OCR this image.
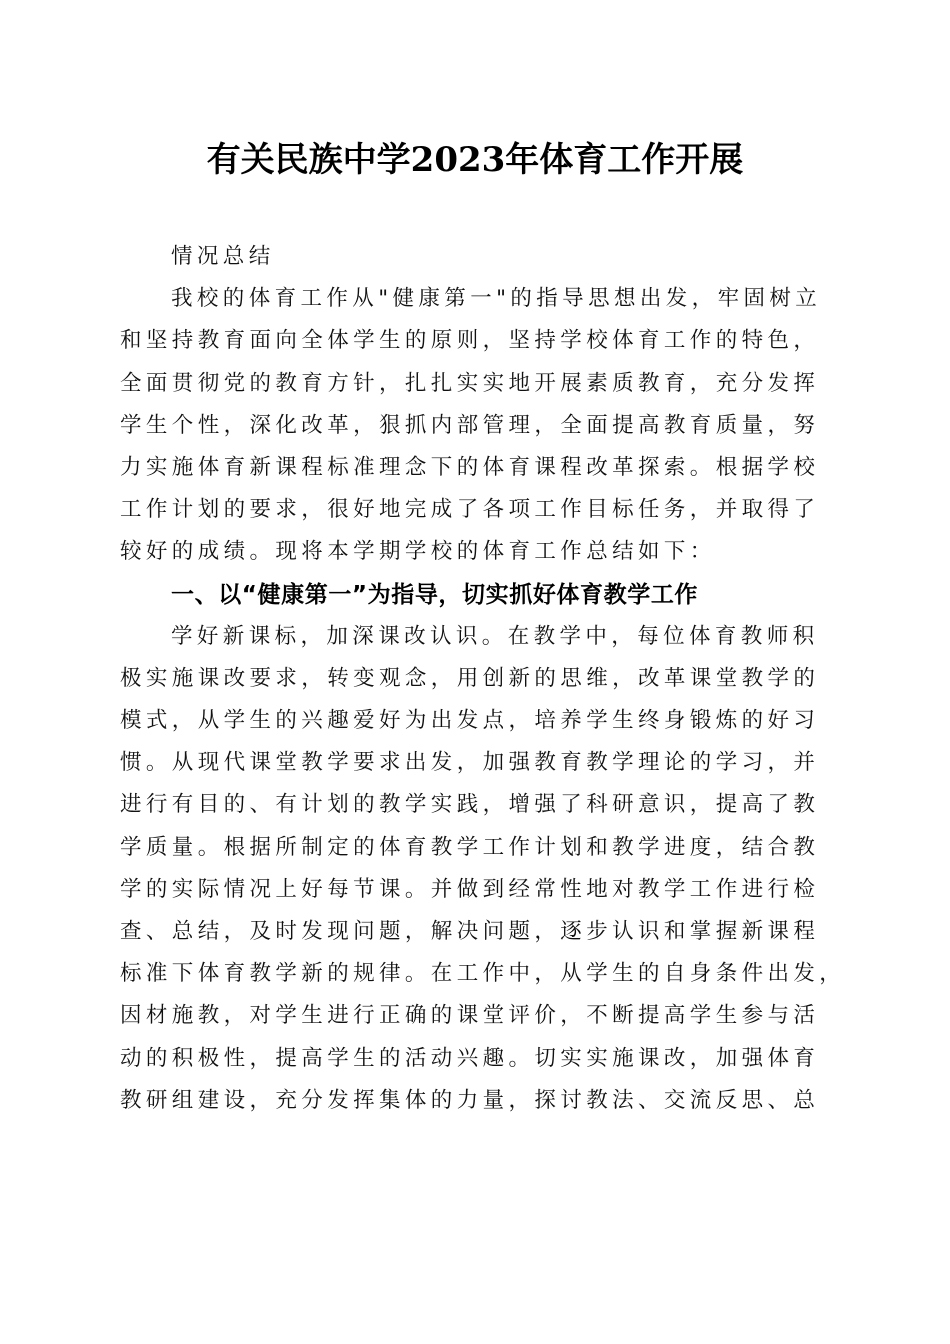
有关民族中学2023年体育工作开展
情况总结
我校的体育工作从"健康第一"的指导思想出发，牢固树立
和坚持教育面向全体学生的原则，坚持学校体育工作的特色，
全面贯彻党的教育方针，扎扎实实地开展素质教育，充分发挥
学生个性，深化改革，狠抓内部管理，全面提高教育质量，努
力实施体育新课程标准理念下的体育课程改革探索。根据学校
工作计划的要求，很好地完成了各项工作目标任务，并取得了
较好的成绩。现将本学期学校的体育工作总结如下：
一、以“健康第一”为指导，切实抓好体育教学工作
学好新课标，加深课改认识。在教学中，每位体育教师积
极实施课改要求，转变观念，用创新的思维，改革课堂教学的
模式，从学生的兴趣爱好为出发点，培养学生终身锻炼的好习
惯。从现代课堂教学要求出发，加强教育教学理论的学习，并
进行有目的、有计划的教学实践，增强了科研意识，提高了教
学质量。根据所制定的体育教学工作计划和教学进度，结合教
学的实际情况上好每节课。并做到经常性地对教学工作进行检
查、总结，及时发现问题，解决问题，逐步认识和掌握新课程
标准下体育教学新的规律。在工作中，从学生的自身条件出发，
因材施教，对学生进行正确的课堂评价，不断提高学生参与活
动的积极性，提高学生的活动兴趣。切实实施课改，加强体育
教研组建设，充分发挥集体的力量，探讨教法、交流反思、总
